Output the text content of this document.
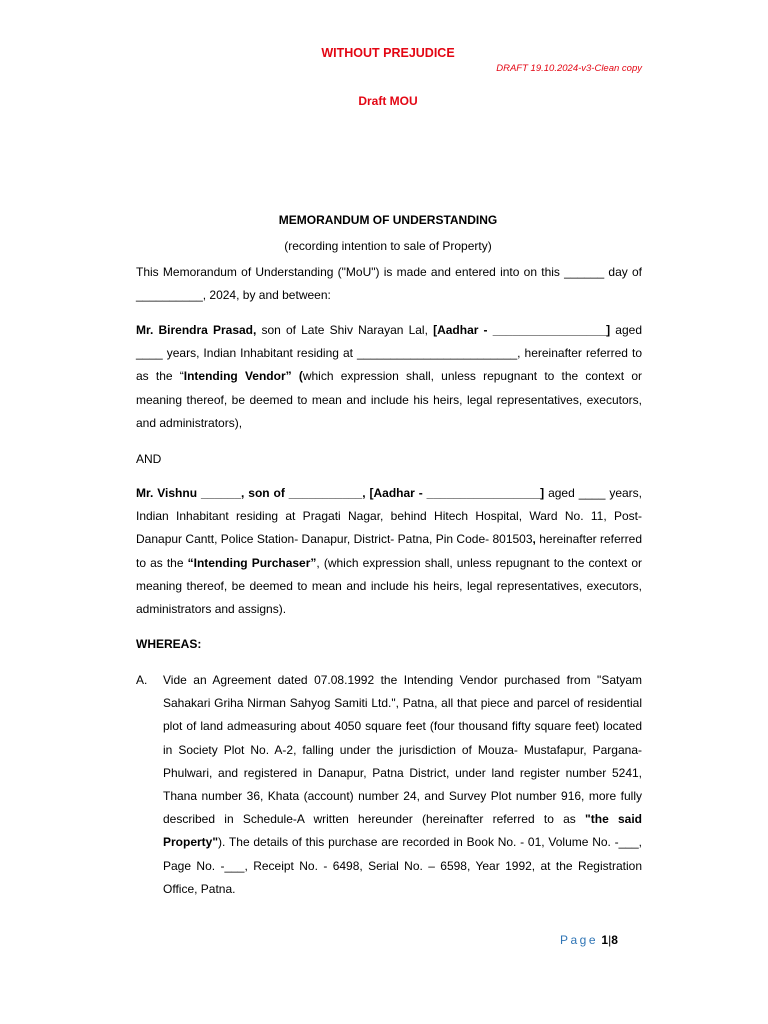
WITHOUT PREJUDICE
DRAFT 19.10.2024-v3-Clean copy
Draft MOU
MEMORANDUM OF UNDERSTANDING
(recording intention to sale of Property)

This Memorandum of Understanding ("MoU") is made and entered into on this ______ day of __________, 2024, by and between:

Mr. Birendra Prasad, son of Late Shiv Narayan Lal, [Aadhar - _________________] aged ____ years, Indian Inhabitant residing at ________________________, hereinafter referred to as the “Intending Vendor” (which expression shall, unless repugnant to the context or meaning thereof, be deemed to mean and include his heirs, legal representatives, executors, and administrators),

AND

Mr. Vishnu ______, son of ___________, [Aadhar - _________________] aged ____ years, Indian Inhabitant residing at Pragati Nagar, behind Hitech Hospital, Ward No. 11, Post- Danapur Cantt, Police Station- Danapur, District- Patna, Pin Code- 801503, hereinafter referred to as the “Intending Purchaser”, (which expression shall, unless repugnant to the context or meaning thereof, be deemed to mean and include his heirs, legal representatives, executors, administrators and assigns).

WHEREAS:

A. Vide an Agreement dated 07.08.1992 the Intending Vendor purchased from "Satyam Sahakari Griha Nirman Sahyog Samiti Ltd.", Patna, all that piece and parcel of residential plot of land admeasuring about 4050 square feet (four thousand fifty square feet) located in Society Plot No. A-2, falling under the jurisdiction of Mouza- Mustafapur, Pargana- Phulwari, and registered in Danapur, Patna District, under land register number 5241, Thana number 36, Khata (account) number 24, and Survey Plot number 916, more fully described in Schedule-A written hereunder (hereinafter referred to as "the said Property"). The details of this purchase are recorded in Book No. - 01, Volume No. -___, Page No. -___, Receipt No. - 6498, Serial No. – 6598, Year 1992, at the Registration Office, Patna.

Page 1|8
